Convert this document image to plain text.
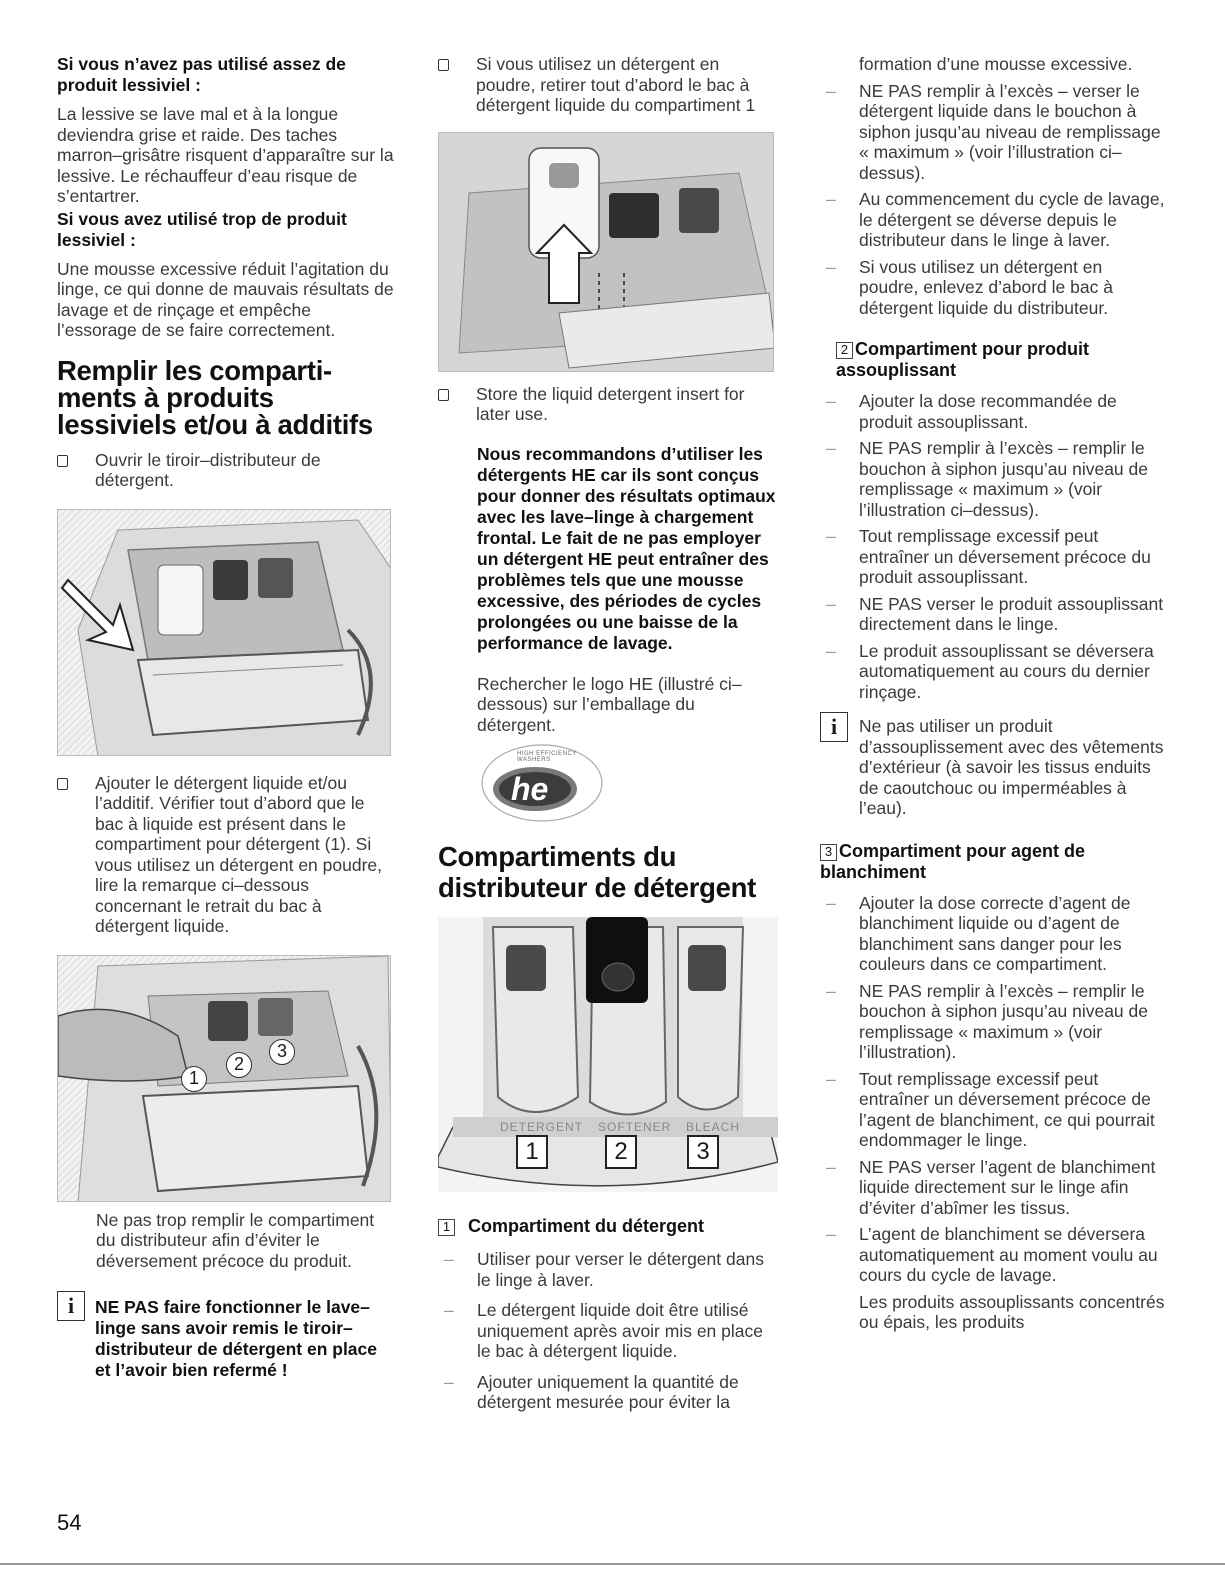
Si vous n’avez pas utilisé assez de produit lessiviel :

La lessive se lave mal et à la longue deviendra grise et raide. Des taches marron–grisâtre risquent d’apparaître sur la lessive. Le réchauffeur d’eau risque de s’entartrer.

Si vous avez utilisé trop de produit lessiviel :

Une mousse excessive réduit l’agitation du linge, ce qui donne de mauvais résultats de lavage et de rinçage et empêche l’essorage de se faire correctement.

Remplir les comparti- ments à produits lessiviels et/ou à additifs
Ouvrir le tiroir–distributeur de détergent.
Ajouter le détergent liquide et/ou l’additif. Vérifier tout d’abord que le bac à liquide est présent dans le compartiment pour détergent (1). Si vous utilisez un détergent en poudre, lire la remarque ci–dessous concernant le retrait du bac à détergent liquide.
1
2
3

Ne pas trop remplir le compartiment du distributeur afin d’éviter le déversement précoce du produit.

i	NE PAS faire fonctionner le lave–linge sans avoir remis le tiroir–distributeur de détergent en place et l’avoir bien refermé !

Si vous utilisez un détergent en poudre, retirer tout d’abord le bac à détergent liquide du compartiment 1
Store the liquid detergent insert for later use.

Nous recommandons d’utiliser les détergents HE car ils sont conçus pour donner des résultats optimaux avec les lave–linge à chargement frontal. Le fait de ne pas employer un détergent HE peut entraîner des problèmes tels que une mousse excessive, des périodes de cycles prolongées ou une baisse de la performance de lavage.

Rechercher le logo HE (illustré ci–dessous) sur l’emballage du détergent.

HIGH EFFICIENCY WASHERS
he
Compartiments du distributeur de détergent
DETERGENT SOFTENER BLEACH
1	2	3

1 Compartiment du détergent

– Utiliser pour verser le détergent dans le linge à laver.
– Le détergent liquide doit être utilisé uniquement après avoir mis en place le bac à détergent liquide.
– Ajouter uniquement la quantité de détergent mesurée pour éviter la

formation d’une mousse excessive.

– NE PAS remplir à l’excès – verser le détergent liquide dans le bouchon à siphon jusqu’au niveau de remplissage « maximum » (voir l’illustration ci–dessus).
– Au commencement du cycle de lavage, le détergent se déverse depuis le distributeur dans le linge à laver.
– Si vous utilisez un détergent en poudre, enlevez d’abord le bac à détergent liquide du distributeur.

2 Compartiment pour produit assouplissant

– Ajouter la dose recommandée de produit assouplissant.
– NE PAS remplir à l’excès – remplir le bouchon à siphon jusqu’au niveau de remplissage « maximum » (voir l’illustration ci–dessus).
– Tout remplissage excessif peut entraîner un déversement précoce du produit assouplissant.
– NE PAS verser le produit assouplissant directement dans le linge.
– Le produit assouplissant se déversera automatiquement au cours du dernier rinçage.
i	Ne pas utiliser un produit d’assouplissement avec des vêtements d’extérieur (à savoir les tissus enduits de caoutchouc ou imperméables à l’eau).

3 Compartiment pour agent de blanchiment

– Ajouter la dose correcte d’agent de blanchiment liquide ou d’agent de blanchiment sans danger pour les couleurs dans ce compartiment.
– NE PAS remplir à l’excès – remplir le bouchon à siphon jusqu’au niveau de remplissage « maximum » (voir l’illustration).
– Tout remplissage excessif peut entraîner un déversement précoce de l’agent de blanchiment, ce qui pourrait endommager le linge.
– NE PAS verser l’agent de blanchiment liquide directement sur le linge afin d’éviter d’abîmer les tissus.
– L’agent de blanchiment se déversera automatiquement au moment voulu au cours du cycle de lavage.

Les produits assouplissants concentrés ou épais, les produits

54
